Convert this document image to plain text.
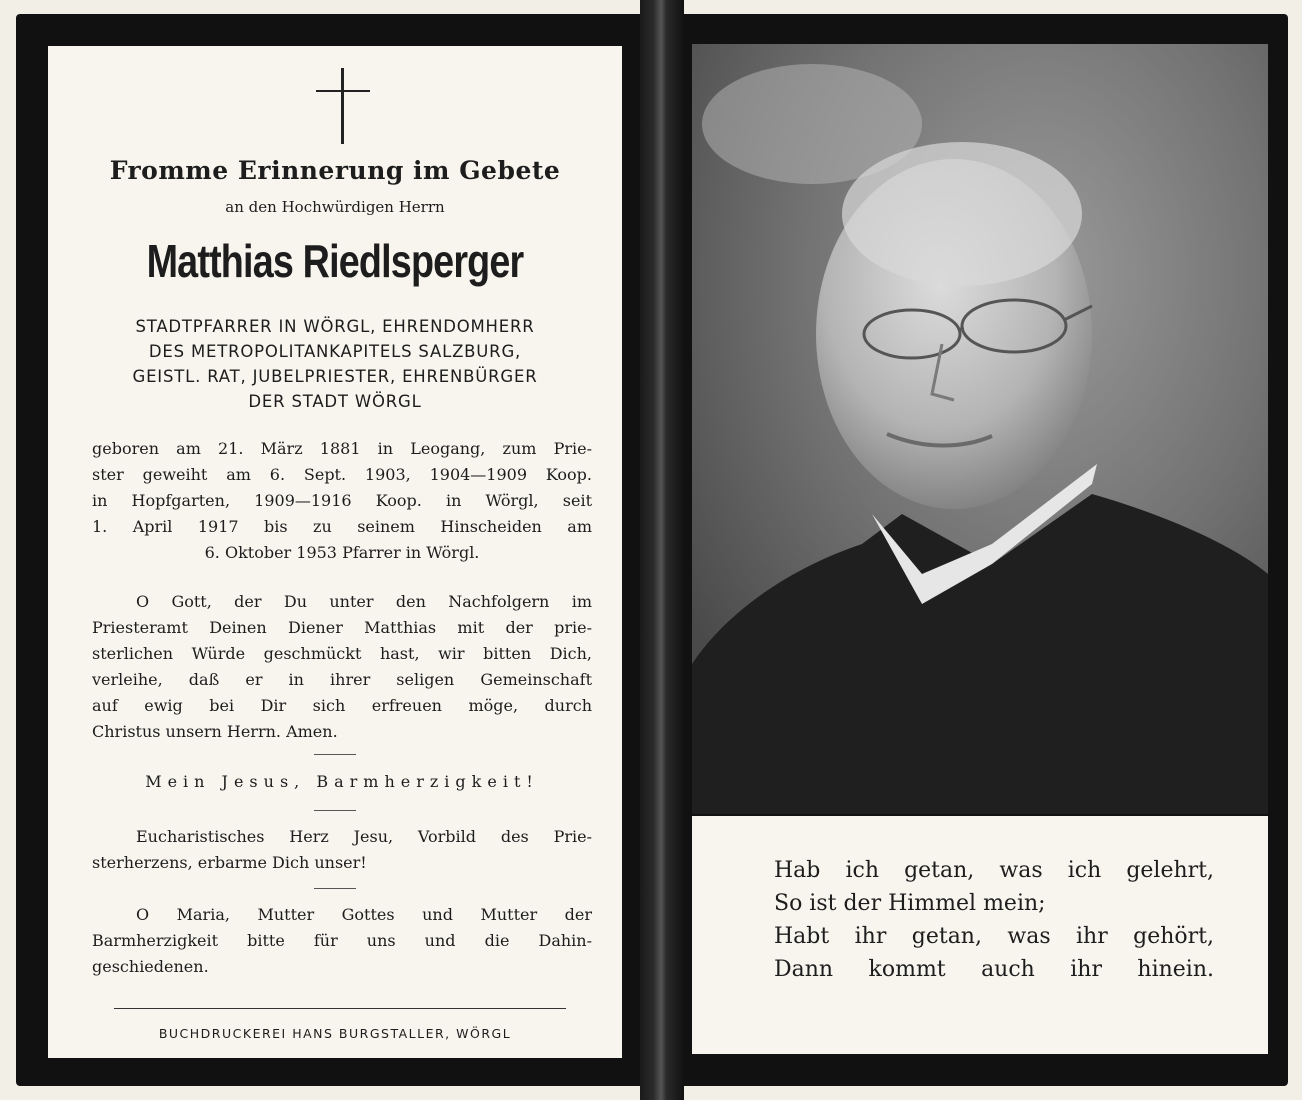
Fromme Erinnerung im Gebete
an den Hochwürdigen Herrn
Matthias Riedlsperger
STADTPFARRER IN WÖRGL, EHRENDOMHERR
DES METROPOLITANKAPITELS SALZBURG,
GEISTL. RAT, JUBELPRIESTER, EHRENBÜRGER
DER STADT WÖRGL
geboren am 21. März 1881 in Leogang, zum Prie-
ster geweiht am 6. Sept. 1903, 1904—1909 Koop.
in Hopfgarten, 1909—1916 Koop. in Wörgl, seit
1. April 1917 bis zu seinem Hinscheiden am
6. Oktober 1953 Pfarrer in Wörgl.
O Gott, der Du unter den Nachfolgern im
Priesteramt Deinen Diener Matthias mit der prie-
sterlichen Würde geschmückt hast, wir bitten Dich,
verleihe, daß er in ihrer seligen Gemeinschaft
auf ewig bei Dir sich erfreuen möge, durch
Christus unsern Herrn. Amen.
Mein Jesus, Barmherzigkeit!
Eucharistisches Herz Jesu, Vorbild des Prie-
sterherzens, erbarme Dich unser!
O Maria, Mutter Gottes und Mutter der
Barmherzigkeit bitte für uns und die Dahin-
geschiedenen.
BUCHDRUCKEREI HANS BURGSTALLER, WÖRGL
Hab ich getan, was ich gelehrt,
So ist der Himmel mein;
Habt ihr getan, was ihr gehört,
Dann kommt auch ihr hinein.
